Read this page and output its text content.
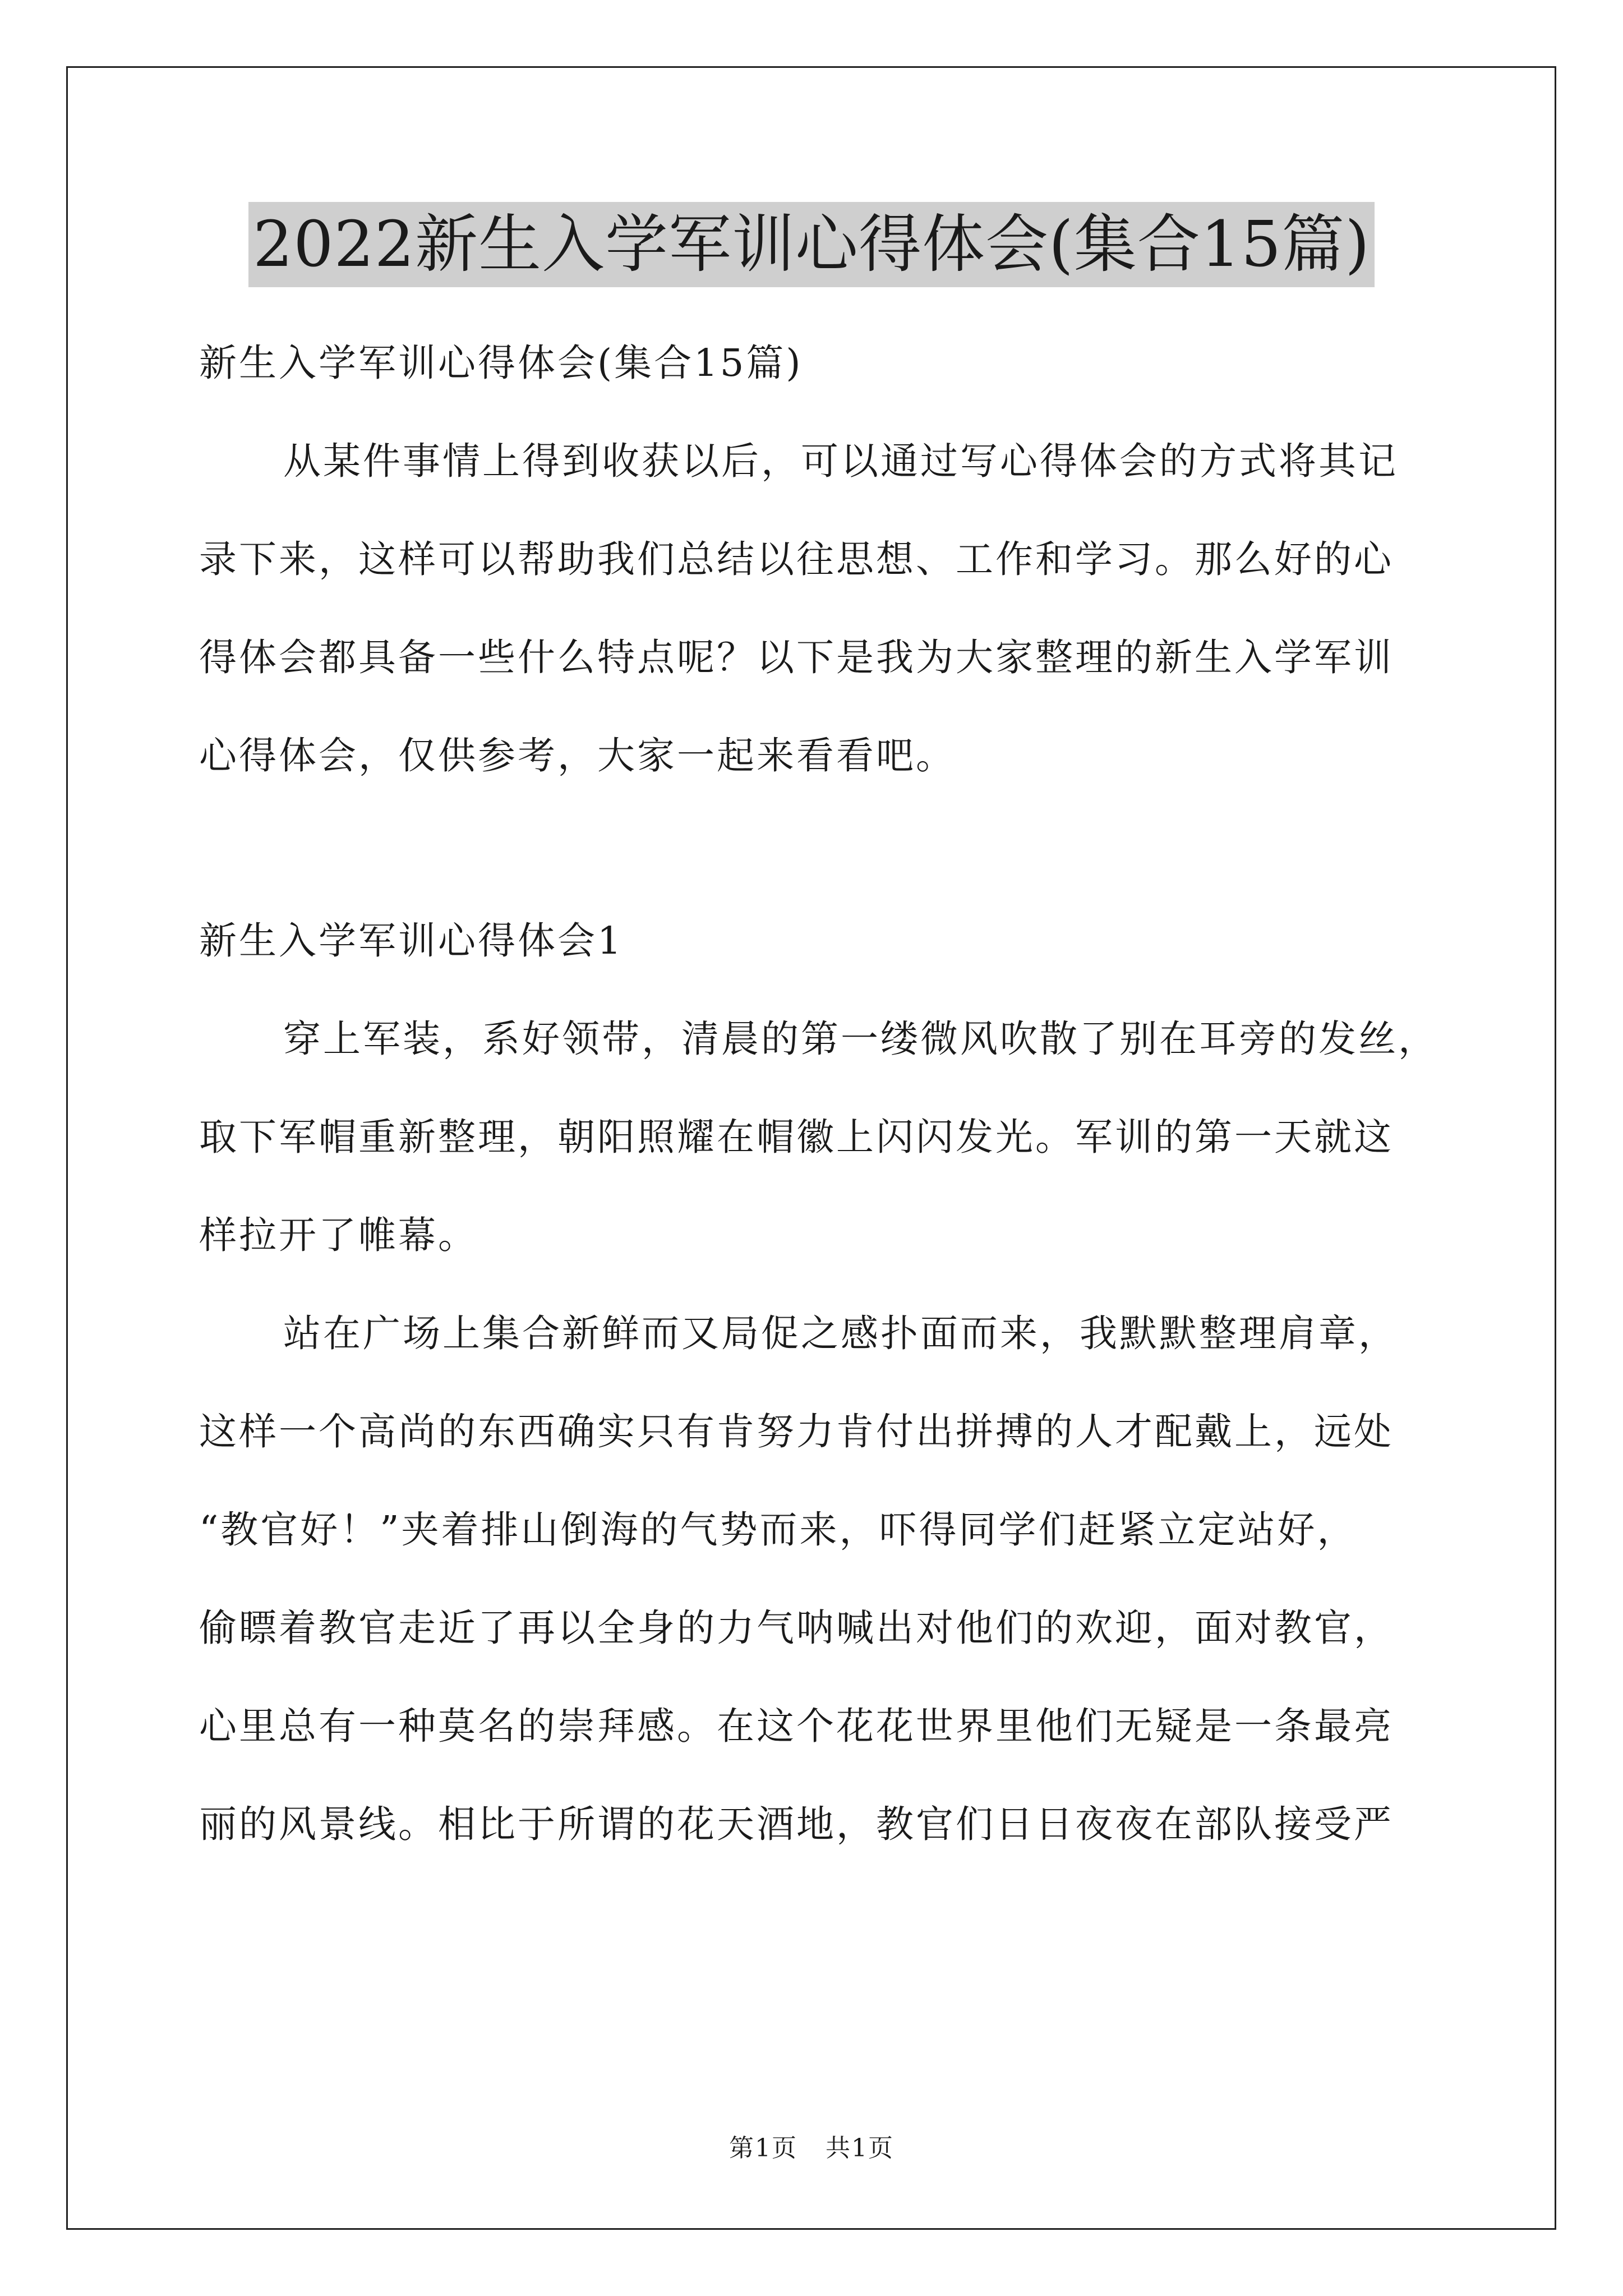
2022新生入学军训心得体会(集合15篇)
新生入学军训心得体会(集合15篇)
从某件事情上得到收获以后，可以通过写心得体会的方式将其记
录下来，这样可以帮助我们总结以往思想、工作和学习。那么好的心
得体会都具备一些什么特点呢？以下是我为大家整理的新生入学军训
心得体会，仅供参考，大家一起来看看吧。
新生入学军训心得体会1
穿上军装，系好领带，清晨的第一缕微风吹散了别在耳旁的发丝，
取下军帽重新整理，朝阳照耀在帽徽上闪闪发光。军训的第一天就这
样拉开了帷幕。
站在广场上集合新鲜而又局促之感扑面而来，我默默整理肩章，
这样一个高尚的东西确实只有肯努力肯付出拼搏的人才配戴上，远处
“教官好！”夹着排山倒海的气势而来，吓得同学们赶紧立定站好，
偷瞟着教官走近了再以全身的力气呐喊出对他们的欢迎，面对教官，
心里总有一种莫名的崇拜感。在这个花花世界里他们无疑是一条最亮
丽的风景线。相比于所谓的花天酒地，教官们日日夜夜在部队接受严
第1页 共1页
